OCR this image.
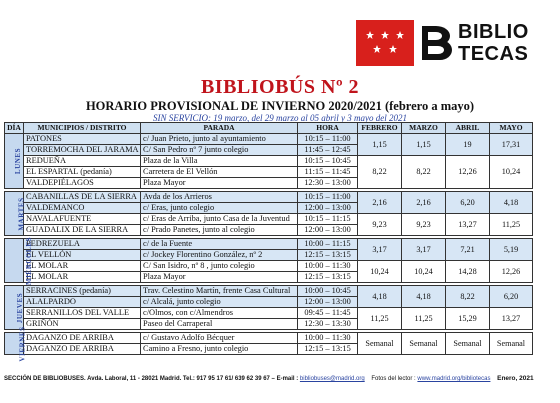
BIBLIO
TECAS
BIBLIOBÚS Nº 2
HORARIO PROVISIONAL DE INVIERNO 2020/2021 (febrero a mayo)
SIN SERVICIO: 19 marzo, del 29 marzo al 05 abril y 3 mayo del 2021
DÍA	MUNICIPIOS / DISTRITO	PARADA	HORA	FEBRERO	MARZO	ABRIL	MAYO
LUNES	PATONES	c/ Juan Prieto, junto al ayuntamiento	10:15 – 11:00	1,15	1,15	19	17,31
	TORREMOCHA DEL JARAMA	C/ San Pedro nº 7 junto colegio	11:45 – 12:45				
	REDUEÑA	Plaza de la Villa	10:15 – 10:45	8,22	8,22	12,26	10,24
	EL ESPARTAL (pedanía)	Carretera de El Vellón	11:15 – 11:45				
	VALDEPIÉLAGOS	Plaza Mayor	12:30 – 13:00				

MARTES	CABANILLAS DE LA SIERRA	Avda de los Arrieros	10:15 – 11:00	2,16	2,16	6,20	4,18
	VALDEMANCO	c/ Eras, junto colegio	12:00 – 13:00				
	NAVALAFUENTE	c/ Eras de Arriba, junto Casa de la Juventud	10:15 – 11:15	9,23	9,23	13,27	11,25
	GUADALIX DE LA SIERRA	c/ Prado Panetes, junto al colegio	12:00 – 13:00				

MIÉRCOLES	PEDREZUELA	c/ de la Fuente	10:00 – 11:15	3,17	3,17	7,21	5,19
	EL VELLÓN	c/ Jockey Florentino González, nº 2	12:15 – 13:15				
	EL MOLAR	C/ San Isidro, nº 8 , junto colegio	10:00 – 11:30	10,24	10,24	14,28	12,26
	EL MOLAR	Plaza Mayor	12:15 – 13:15				

JUEVES	SERRACINES (pedanía)	Trav. Celestino Martín, frente Casa Cultural	10:00 – 10:45	4,18	4,18	8,22	6,20
	ALALPARDO	c/ Alcalá, junto colegio	12:00 – 13:00				
	SERRANILLOS DEL VALLE	c/Olmos, con c/Almendros	09:45 – 11:45	11,25	11,25	15,29	13,27
	GRIÑÓN	Paseo del Carraperal	12:30 – 13:30				

VIERNES	DAGANZO DE ARRIBA	c/ Gustavo Adolfo Bécquer	10:00 – 11:30	Semanal	Semanal	Semanal	Semanal
	DAGANZO DE ARRIBA	Camino a Fresno, junto colegio	12:15 – 13:15				
SECCIÓN DE BIBLIOBUSES. Avda. Laboral, 11 - 28021 Madrid. Tel.: 917 95 17 61/ 639 62 39 67 – E-mail : bibliobuses@madrid.org Fotos del lector : www.madrid.org/bibliotecas Enero, 2021
